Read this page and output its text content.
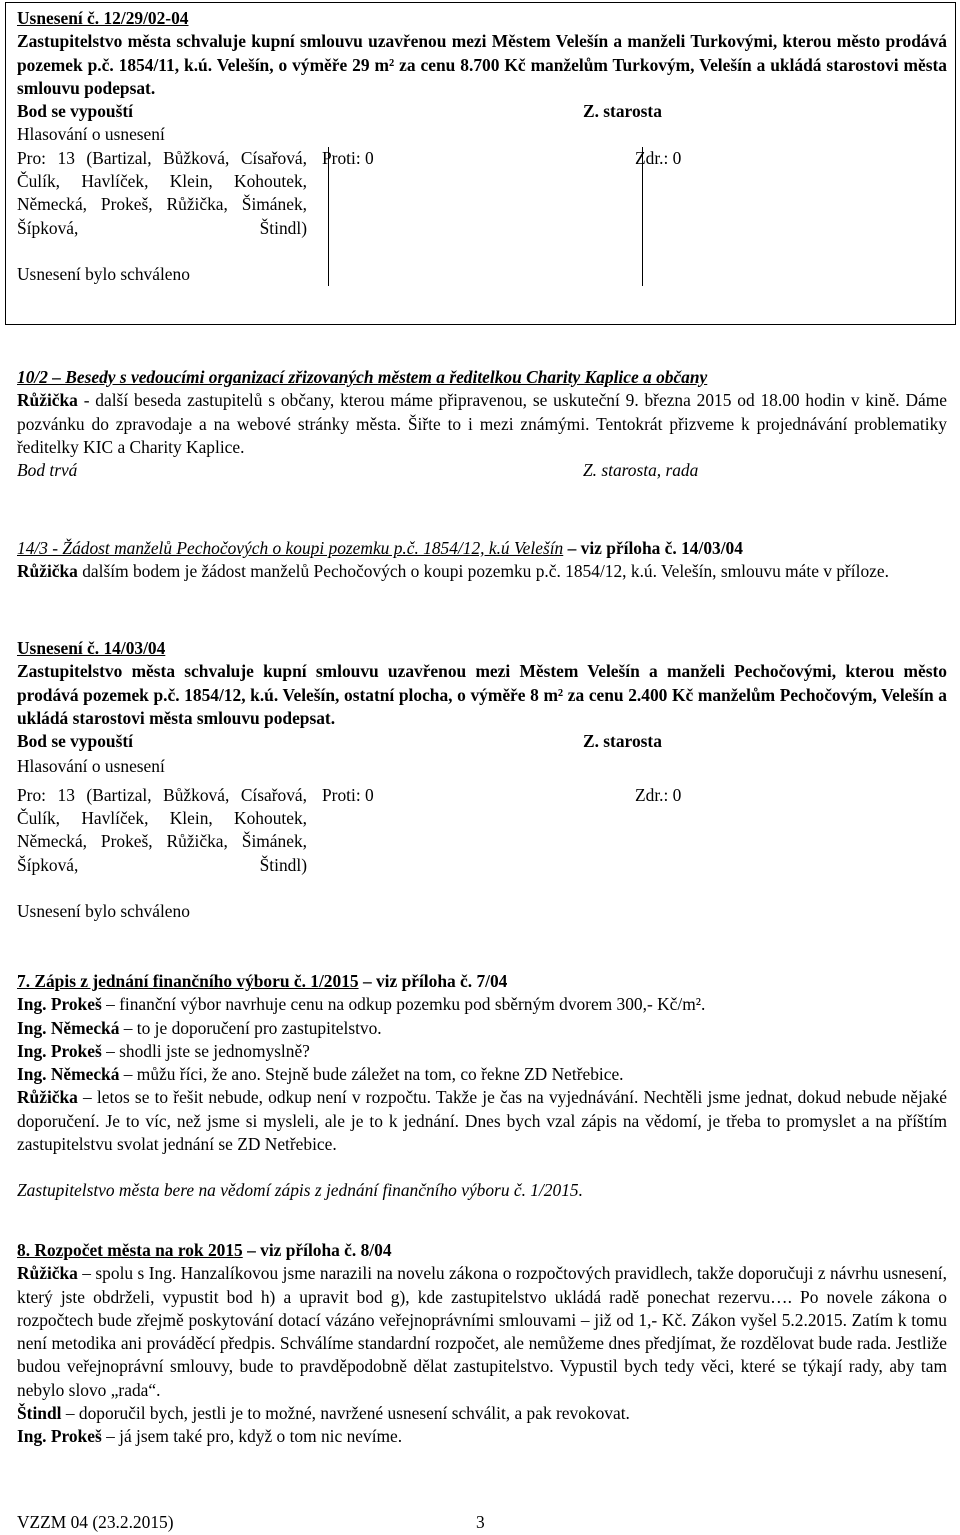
Usnesení č. 12/29/02-04
Zastupitelstvo města schvaluje kupní smlouvu uzavřenou mezi Městem Velešín a manželi Turkovými, kterou město prodává pozemek p.č. 1854/11, k.ú. Velešín, o výměře 29 m² za cenu 8.700 Kč manželům Turkovým, Velešín a ukládá starostovi města smlouvu podepsat.
Bod se vypouští	Z. starosta
Hlasování o usnesení
Pro: 13 (Bartizal, Bůžková, Císařová, Čulík, Havlíček, Klein, Kohoutek, Německá, Prokeš, Růžička, Šimánek, Šípková, Štindl)
Proti: 0	Zdr.: 0
Usnesení bylo schváleno
10/2 – Besedy s vedoucími organizací zřizovaných městem a ředitelkou Charity Kaplice a občany
Růžička - další beseda zastupitelů s občany, kterou máme připravenou, se uskuteční 9. března 2015 od 18.00 hodin v kině. Dáme pozvánku do zpravodaje a na webové stránky města. Šiřte to i mezi známými. Tentokrát přizveme k projednávání problematiky ředitelky KIC a Charity Kaplice.
Bod trvá	Z. starosta, rada
14/3 - Žádost manželů Pechočových o koupi pozemku p.č. 1854/12, k.ú Velešín – viz příloha č. 14/03/04
Růžička dalším bodem je žádost manželů Pechočových o koupi pozemku p.č. 1854/12, k.ú. Velešín, smlouvu máte v příloze.
Usnesení č. 14/03/04
Zastupitelstvo města schvaluje kupní smlouvu uzavřenou mezi Městem Velešín a manželi Pechočovými, kterou město prodává pozemek p.č. 1854/12, k.ú. Velešín, ostatní plocha, o výměře 8 m² za cenu 2.400 Kč manželům Pechočovým, Velešín a ukládá starostovi města smlouvu podepsat.
Bod se vypouští	Z. starosta
Hlasování o usnesení
Pro: 13 (Bartizal, Bůžková, Císařová, Čulík, Havlíček, Klein, Kohoutek, Německá, Prokeš, Růžička, Šimánek, Šípková, Štindl)
Proti: 0	Zdr.: 0
Usnesení bylo schváleno
7. Zápis z jednání finančního výboru č. 1/2015 – viz příloha č. 7/04
Ing. Prokeš – finanční výbor navrhuje cenu na odkup pozemku pod sběrným dvorem 300,- Kč/m².
Ing. Německá – to je doporučení pro zastupitelstvo.
Ing. Prokeš – shodli jste se jednomyslně?
Ing. Německá – můžu říci, že ano. Stejně bude záležet na tom, co řekne ZD Netřebice.
Růžička – letos se to řešit nebude, odkup není v rozpočtu. Takže je čas na vyjednávání. Nechtěli jsme jednat, dokud nebude nějaké doporučení. Je to víc, než jsme si mysleli, ale je to k jednání. Dnes bych vzal zápis na vědomí, je třeba to promyslet a na příštím zastupitelstvu svolat jednání se ZD Netřebice.
Zastupitelstvo města bere na vědomí zápis z jednání finančního výboru č. 1/2015.
8. Rozpočet města na rok 2015 – viz příloha č. 8/04
Růžička – spolu s Ing. Hanzalíkovou jsme narazili na novelu zákona o rozpočtových pravidlech, takže doporučuji z návrhu usnesení, který jste obdrželi, vypustit bod h) a upravit bod g), kde zastupitelstvo ukládá radě ponechat rezervu…. Po novele zákona o rozpočtech bude zřejmě poskytování dotací vázáno veřejnoprávními smlouvami – již od 1,- Kč. Zákon vyšel 5.2.2015. Zatím k tomu není metodika ani prováděcí předpis. Schválíme standardní rozpočet, ale nemůžeme dnes předjímat, že rozdělovat bude rada. Jestliže budou veřejnoprávní smlouvy, bude to pravděpodobně dělat zastupitelstvo. Vypustil bych tedy věci, které se týkají rady, aby tam nebylo slovo „rada“.
Štindl – doporučil bych, jestli je to možné, navržené usnesení schválit, a pak revokovat.
Ing. Prokeš – já jsem také pro, když o tom nic nevíme.
VZZM 04 (23.2.2015)	3
